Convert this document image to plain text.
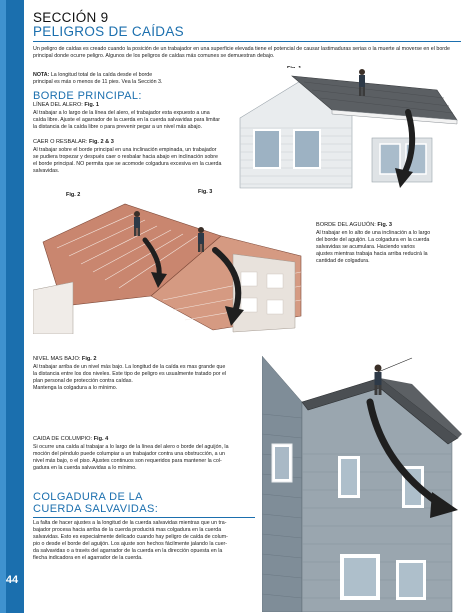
44
SECCIÓN 9
PELIGROS DE CAÍDAS
Un peligro de caídas es creado cuando la posición de un trabajador en una superficie elevada tiene el potencial de causar lastimaduras serias o la muerte al moverse en el borde
principal donde ocurre peligro. Algunos de los peligros de caídas más comunes se demuestran debajo.
NOTA: La longitud total de la caída desde el borde
principal es más o menos de 11 pies. Vea la Sección 3.
BORDE PRINCIPAL:
LÍNEA DEL ALERO: Fig. 1
Al trabajar a lo largo de la línea del alero, el trabajador esta expuesto a una
caída libre. Ajuste el agarrador de la cuerda en la cuerda salvavidas para limitar
la distancia de la caída libre o para prevenir pegar a un nivel más abajo.
CAER O RESBALAR: Fig. 2 & 3
Al trabajar sobre el borde principal en una inclinación empinada, un trabajador
se pudiera tropezar y después caer o resbalar hacia abajo en inclinación sobre
el borde principal. NO permita que se acomode colgadura excesiva en la cuerda
salvavidas.
Fig. 2	Fig. 3
BORDE DEL AGUIJÓN: Fig. 3
Al trabajar en lo alto de una inclinación a lo largo
del borde del aguijón. La colgadura en la cuerda
salvavidas se acumulara. Haciendo varios
ajustes mientras trabaja hacia arriba reducirá la
cantidad de colgadura.
NIVEL MAS BAJO: Fig. 2
Al trabajar arriba de un nivel más bajo. La longitud de la caída es mas grande que
la distancia entre los dos niveles. Este tipo de peligro es usualmente tratado por el
plan personal de protección contra caídas.
Mantenga la colgadura a lo mínimo.
CAIDA DE COLUMPIO: Fig. 4
Si ocurre una caída al trabajar a lo largo de la línea del alero o borde del aguijón, la
moción del péndulo puede columpiar a un trabajador contra una obstrucción, a un
nivel más bajo, o el piso. Ajustes continuos son requeridos para mantener la col-
gadura en la cuerda salvavidas a lo mínimo.
COLGADURA DE LA
CUERDA SALVAVIDAS:
La falta de hacer ajustes a la longitud de la cuerda salvavidas mientras que un tra-
bajador procesa hacia arriba de la cuerda producirá mas colgadura en la cuerda
salvavidas. Esto es especialmente delicado cuando hay peligro de caída de colum-
pio o desde el borde del aguijón. Los ajuste son hechos fácilmente jalando la cuer-
da salvavidas o a través del agarrador de la cuerda en la dirección opuesta en la
flecha indicadora en el agarrador de la cuerda.
